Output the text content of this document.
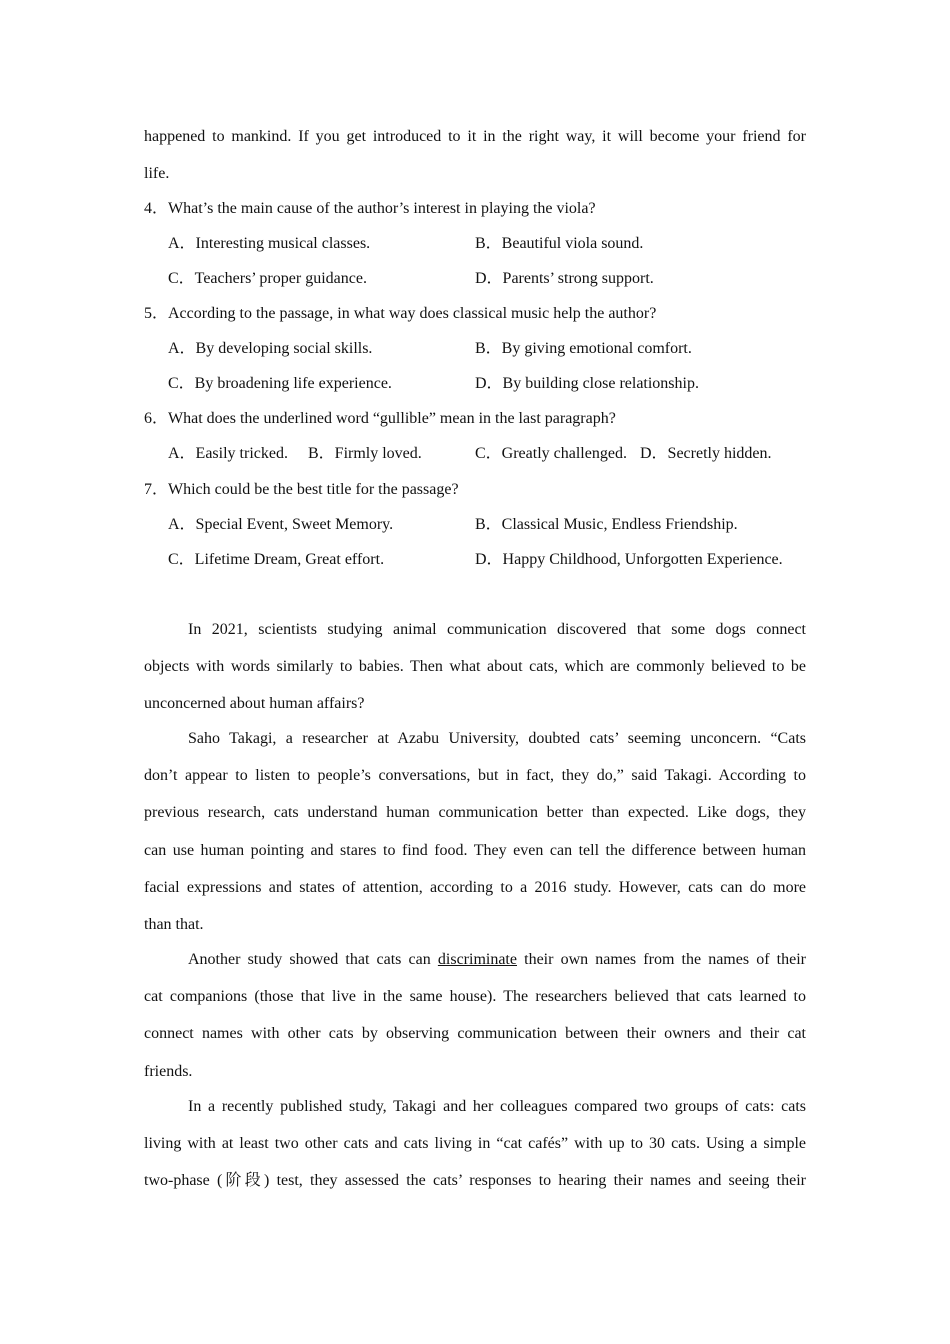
happened to mankind. If you get introduced to it in the right way, it will become your friend for
life.
4．What’s the main cause of the author’s interest in playing the viola?
A．Interesting musical classes.	B．Beautiful viola sound.
C．Teachers’ proper guidance.	D．Parents’ strong support.
5．According to the passage, in what way does classical music help the author?
A．By developing social skills.	B．By giving emotional comfort.
C．By broadening life experience.	D．By building close relationship.
6．What does the underlined word “gullible” mean in the last paragraph?
A．Easily tricked. B．Firmly loved.	C．Greatly challenged. D．Secretly hidden.
7．Which could be the best title for the passage?
A．Special Event, Sweet Memory.	B．Classical Music, Endless Friendship.
C．Lifetime Dream, Great effort.	D．Happy Childhood, Unforgotten Experience.
In 2021, scientists studying animal communication discovered that some dogs connect
objects with words similarly to babies. Then what about cats, which are commonly believed to be
unconcerned about human affairs?
Saho Takagi, a researcher at Azabu University, doubted cats’ seeming unconcern. “Cats
don’t appear to listen to people’s conversations, but in fact, they do,” said Takagi. According to
previous research, cats understand human communication better than expected. Like dogs, they
can use human pointing and stares to find food. They even can tell the difference between human
facial expressions and states of attention, according to a 2016 study. However, cats can do more
than that.
Another study showed that cats can discriminate their own names from the names of their
cat companions (those that live in the same house). The researchers believed that cats learned to
connect names with other cats by observing communication between their owners and their cat
friends.
In a recently published study, Takagi and her colleagues compared two groups of cats: cats
living with at least two other cats and cats living in “cat cafés” with up to 30 cats. Using a simple
two-phase (阶段) test, they assessed the cats’ responses to hearing their names and seeing their
